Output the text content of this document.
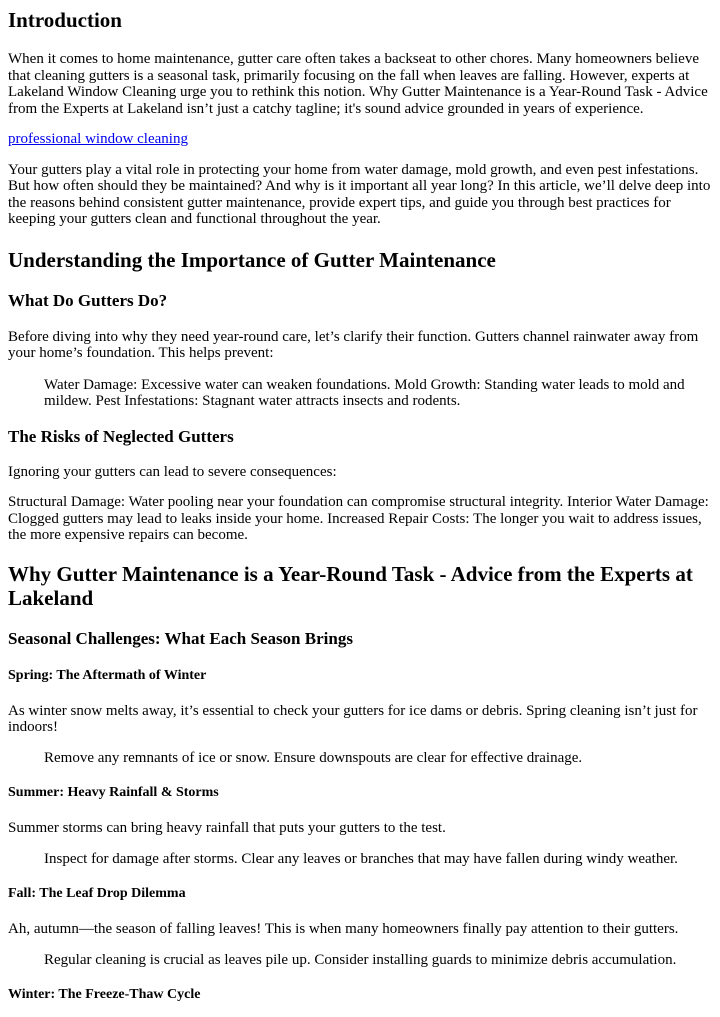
Introduction

When it comes to home maintenance, gutter care often takes a backseat to other chores. Many homeowners believe that cleaning gutters is a seasonal task, primarily focusing on the fall when leaves are falling. However, experts at Lakeland Window Cleaning urge you to rethink this notion. Why Gutter Maintenance is a Year-Round Task - Advice from the Experts at Lakeland isn’t just a catchy tagline; it's sound advice grounded in years of experience.

professional window cleaning

Your gutters play a vital role in protecting your home from water damage, mold growth, and even pest infestations. But how often should they be maintained? And why is it important all year long? In this article, we’ll delve deep into the reasons behind consistent gutter maintenance, provide expert tips, and guide you through best practices for keeping your gutters clean and functional throughout the year.

Understanding the Importance of Gutter Maintenance
What Do Gutters Do?

Before diving into why they need year-round care, let’s clarify their function. Gutters channel rainwater away from your home’s foundation. This helps prevent:

Water Damage: Excessive water can weaken foundations. Mold Growth: Standing water leads to mold and mildew. Pest Infestations: Stagnant water attracts insects and rodents.
The Risks of Neglected Gutters

Ignoring your gutters can lead to severe consequences:

Structural Damage: Water pooling near your foundation can compromise structural integrity. Interior Water Damage: Clogged gutters may lead to leaks inside your home. Increased Repair Costs: The longer you wait to address issues, the more expensive repairs can become.

Why Gutter Maintenance is a Year-Round Task - Advice from the Experts at Lakeland
Seasonal Challenges: What Each Season Brings
Spring: The Aftermath of Winter

As winter snow melts away, it’s essential to check your gutters for ice dams or debris. Spring cleaning isn’t just for indoors!

Remove any remnants of ice or snow. Ensure downspouts are clear for effective drainage.
Summer: Heavy Rainfall & Storms

Summer storms can bring heavy rainfall that puts your gutters to the test.

Inspect for damage after storms. Clear any leaves or branches that may have fallen during windy weather.
Fall: The Leaf Drop Dilemma

Ah, autumn—the season of falling leaves! This is when many homeowners finally pay attention to their gutters.

Regular cleaning is crucial as leaves pile up. Consider installing guards to minimize debris accumulation.
Winter: The Freeze-Thaw Cycle
